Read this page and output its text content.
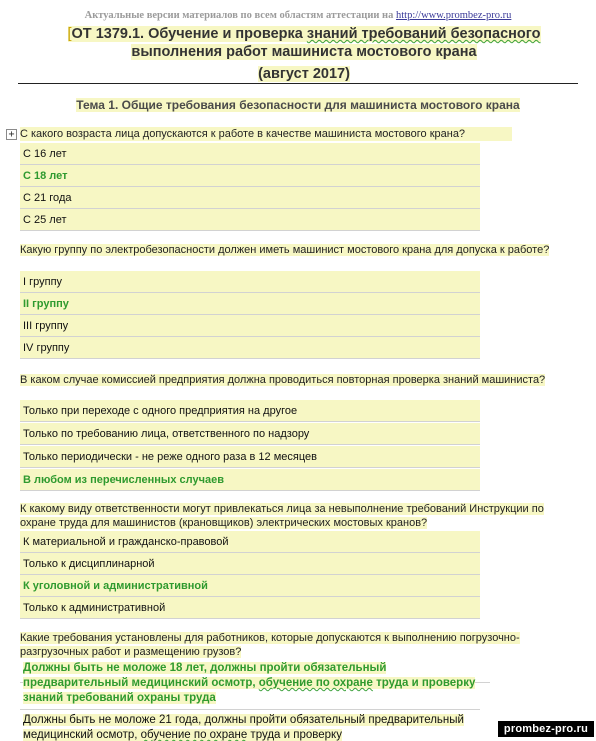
Актуальные версии материалов по всем областям аттестации на http://www.prombez-pro.ru
[ОТ 1379.1. Обучение и проверка знаний требований безопасного
выполнения работ машиниста мостового крана
(август 2017)
Тема 1. Общие требования безопасности для машиниста мостового крана
+ С какого возраста лица допускаются к работе в качестве машиниста мостового крана?
С 16 лет
С 18 лет
С 21 года
С 25 лет
Какую группу по электробезопасности должен иметь машинист мостового крана для допуска к работе?
I группу
II группу
III группу
IV группу
В каком случае комиссией предприятия должна проводиться повторная проверка знаний машиниста?
Только при переходе с одного предприятия на другое
Только по требованию лица, ответственного по надзору
Только периодически - не реже одного раза в 12 месяцев
В любом из перечисленных случаев
К какому виду ответственности могут привлекаться лица за невыполнение требований Инструкции по охране труда для машинистов (крановщиков) электрических мостовых кранов?
К материальной и гражданско-правовой
Только к дисциплинарной
К уголовной и административной
Только к административной
Какие требования установлены для работников, которые допускаются к выполнению погрузочно-разгрузочных работ и размещению грузов?
Должны быть не моложе 18 лет, должны пройти обязательный предварительный медицинский осмотр, обучение по охране труда и проверку знаний требований охраны труда
Должны быть не моложе 21 года, должны пройти обязательный предварительный медицинский осмотр, обучение по охране труда и проверку	prombez-pro.ru
